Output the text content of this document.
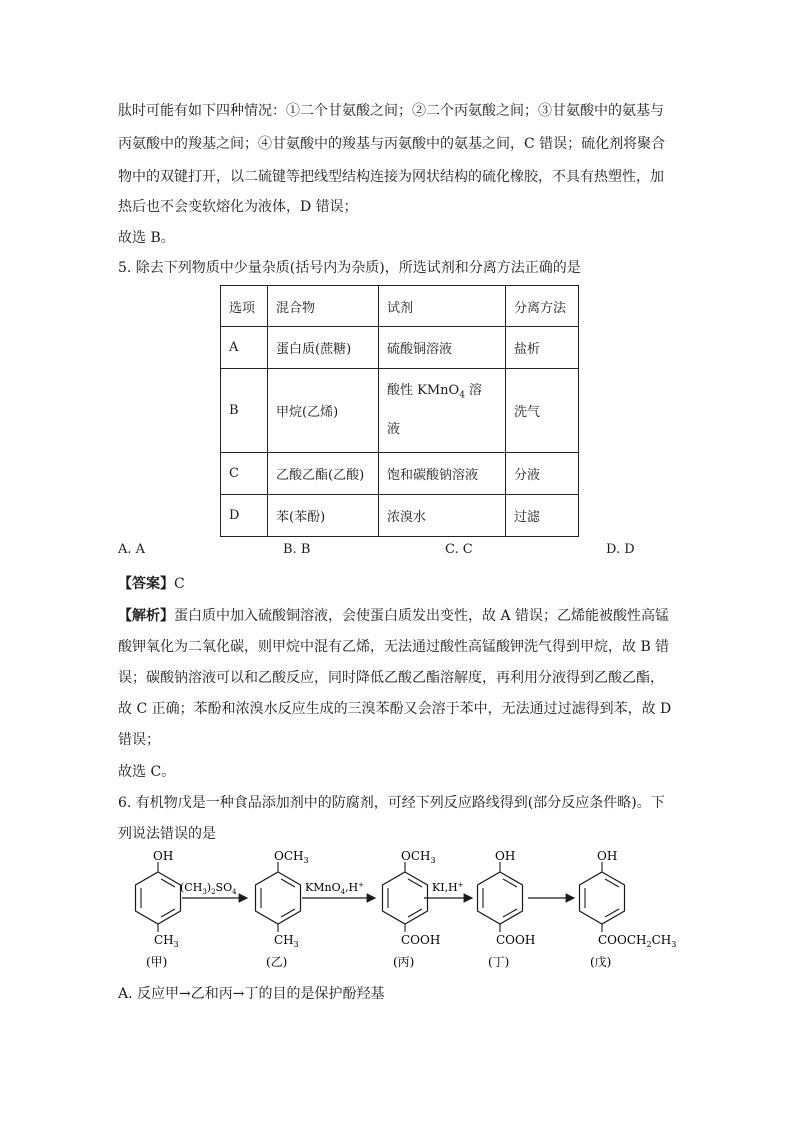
肽时可能有如下四种情况：①二个甘氨酸之间；②二个丙氨酸之间；③甘氨酸中的氨基与
丙氨酸中的羧基之间；④甘氨酸中的羧基与丙氨酸中的氨基之间，C 错误；硫化剂将聚合
物中的双键打开，以二硫键等把线型结构连接为网状结构的硫化橡胶，不具有热塑性，加
热后也不会变软熔化为液体，D 错误；
故选 B。
5. 除去下列物质中少量杂质(括号内为杂质)，所选试剂和分离方法正确的是
选项	混合物	试剂	分离方法
A	蛋白质(蔗糖)	硫酸铜溶液	盐析
B	甲烷(乙烯)	酸性 KMnO$_4$ 溶
液	洗气
C	乙酸乙酯(乙酸)	饱和碳酸钠溶液	分液
D	苯(苯酚)	浓溴水	过滤
A. A	B. B	C. C	D. D
【答案】C
【解析】蛋白质中加入硫酸铜溶液，会使蛋白质发出变性，故 A 错误；乙烯能被酸性高锰
酸钾氧化为二氧化碳，则甲烷中混有乙烯，无法通过酸性高锰酸钾洗气得到甲烷，故 B 错
误；碳酸钠溶液可以和乙酸反应，同时降低乙酸乙酯溶解度，再利用分液得到乙酸乙酯，
故 C 正确；苯酚和浓溴水反应生成的三溴苯酚又会溶于苯中，无法通过过滤得到苯，故 D
错误；
故选 C。
6. 有机物戊是一种食品添加剂中的防腐剂，可经下列反应路线得到(部分反应条件略)。下
列说法错误的是
OH
$CH_3$
(甲)
$(CH_3)_2SO_4$
$OCH_3$
$CH_3$
(乙)
KMnO$_4$,H+
$OCH_3$
COOH
(丙)
KI,H+
OH
COOH
(丁)
OH
$COOCH_2CH_3$
(戊)
A. 反应甲→乙和丙→丁的目的是保护酚羟基
